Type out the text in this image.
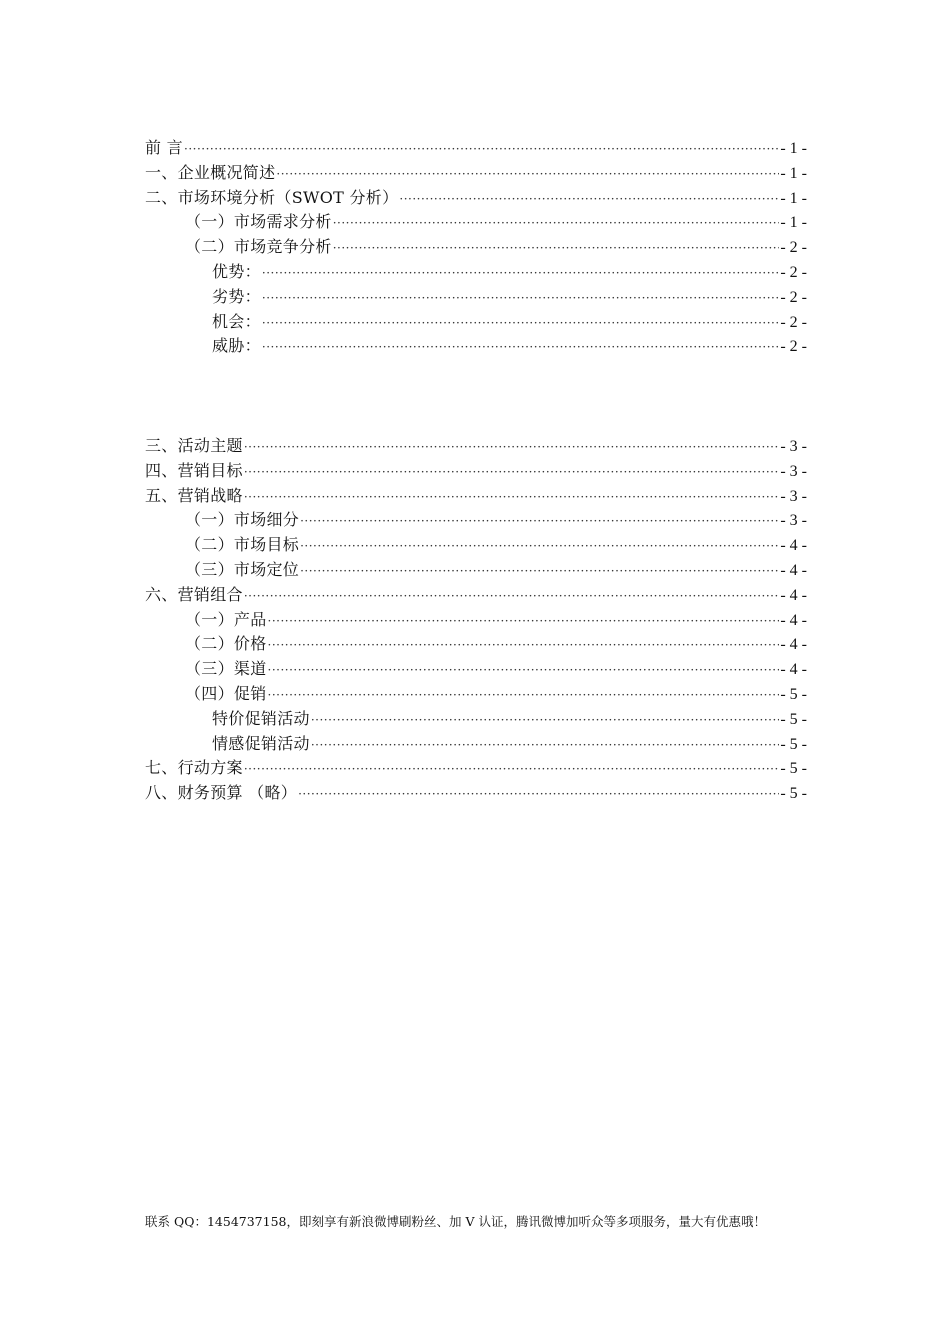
前 言 ·····	- 1 -
一、企业概况简述 ·····	- 1 -
二、市场环境分析（SWOT 分析） ·····	- 1 -
（一）市场需求分析 ·····	- 1 -
（二）市场竞争分析 ·····	- 2 -
优势： ·····	- 2 -
劣势： ·····	- 2 -
机会： ·····	- 2 -
威胁： ·····	- 2 -
三、活动主题 ·····	- 3 -
四、营销目标 ·····	- 3 -
五、营销战略 ·····	- 3 -
（一）市场细分 ·····	- 3 -
（二）市场目标 ·····	- 4 -
（三）市场定位 ·····	- 4 -
六、营销组合 ·····	- 4 -
（一）产品 ·····	- 4 -
（二）价格 ·····	- 4 -
（三）渠道 ·····	- 4 -
（四）促销 ·····	- 5 -
特价促销活动 ·····	- 5 -
情感促销活动 ·····	- 5 -
七、行动方案 ·····	- 5 -
八、财务预算 （略） ·····	- 5 -
联系 QQ：1454737158，即刻享有新浪微博刷粉丝、加 V 认证，腾讯微博加听众等多项服务，量大有优惠哦！
